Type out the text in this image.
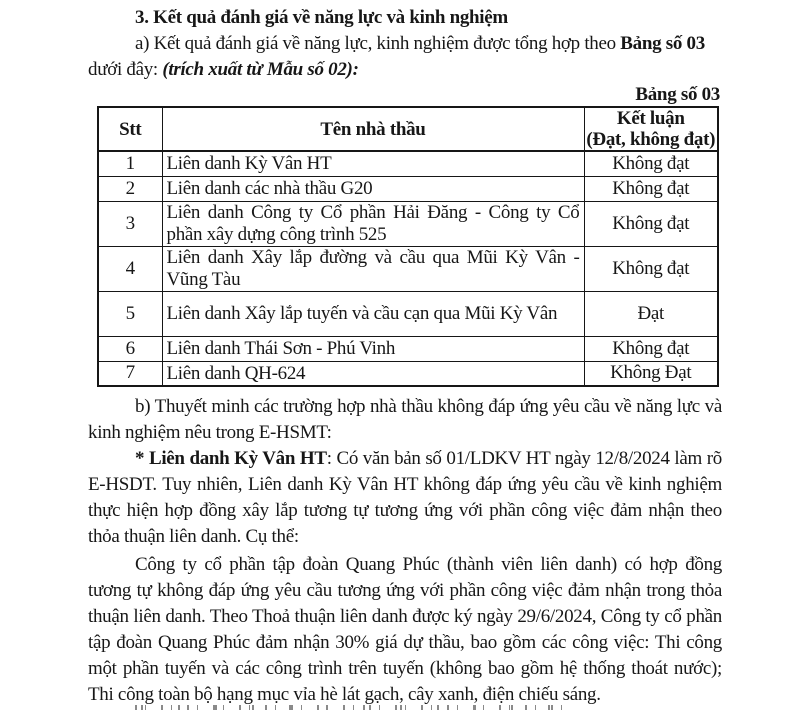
3. Kết quả đánh giá về năng lực và kinh nghiệm

a) Kết quả đánh giá về năng lực, kinh nghiệm được tổng hợp theo Bảng số 03
dưới đây: (trích xuất từ Mẫu số 02):

Bảng số 03
Stt	Tên nhà thầu	Kết luận
(Đạt, không đạt)

1	Liên danh Kỳ Vân HT	Không đạt
2	Liên danh các nhà thầu G20	Không đạt
3	Liên danh Công ty Cổ phần Hải Đăng - Công ty Cổ phần xây dựng công trình 525	Không đạt
4	Liên danh Xây lắp đường và cầu qua Mũi Kỳ Vân - Vũng Tàu	Không đạt
5	Liên danh Xây lắp tuyến và cầu cạn qua Mũi Kỳ Vân	Đạt
6	Liên danh Thái Sơn - Phú Vinh	Không đạt
7	Liên danh QH-624	Không Đạt

b) Thuyết minh các trường hợp nhà thầu không đáp ứng yêu cầu về năng lực và kinh nghiệm nêu trong E-HSMT:

* Liên danh Kỳ Vân HT: Có văn bản số 01/LDKV HT ngày 12/8/2024 làm rõ E-HSDT. Tuy nhiên, Liên danh Kỳ Vân HT không đáp ứng yêu cầu về kinh nghiệm thực hiện hợp đồng xây lắp tương tự tương ứng với phần công việc đảm nhận theo thỏa thuận liên danh. Cụ thể:

Công ty cổ phần tập đoàn Quang Phúc (thành viên liên danh) có hợp đồng tương tự không đáp ứng yêu cầu tương ứng với phần công việc đảm nhận trong thỏa thuận liên danh. Theo Thoả thuận liên danh được ký ngày 29/6/2024, Công ty cổ phần tập đoàn Quang Phúc đảm nhận 30% giá dự thầu, bao gồm các công việc: Thi công một phần tuyến và các công trình trên tuyến (không bao gồm hệ thống thoát nước); Thi công toàn bộ hạng mục vỉa hè lát gạch, cây xanh, điện chiếu sáng.
